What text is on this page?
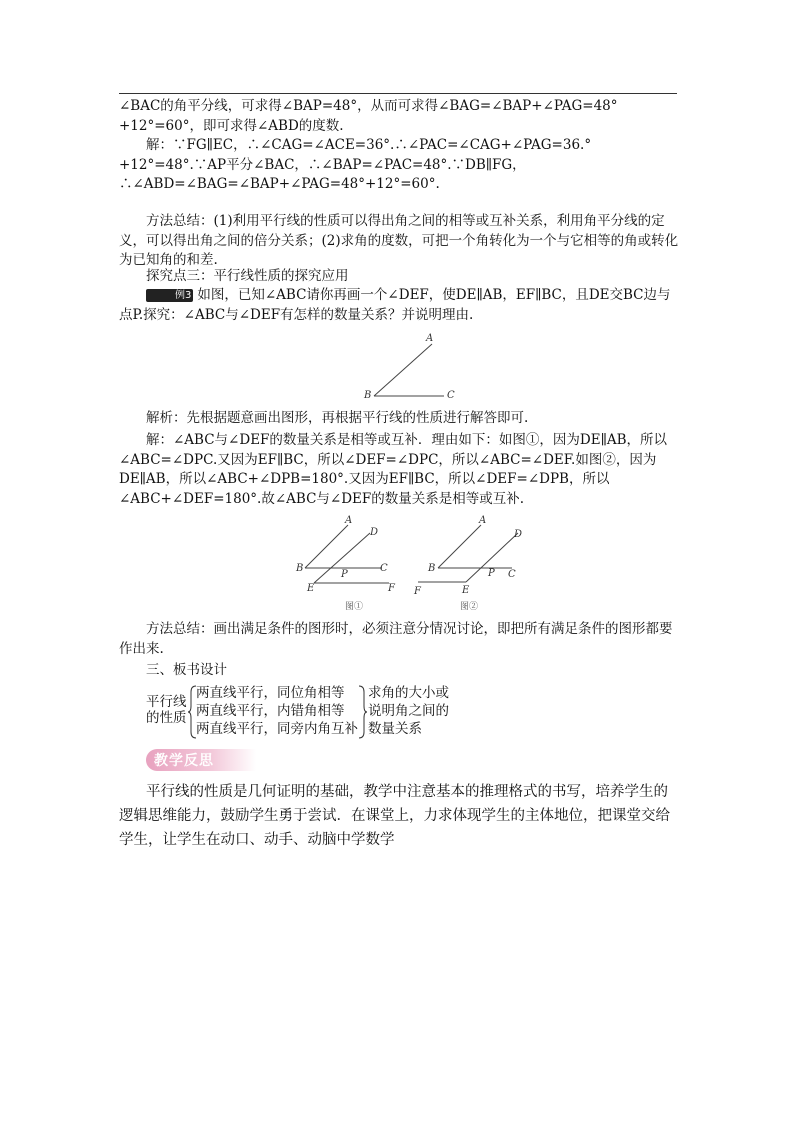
∠BAC的角平分线，可求得∠BAP=48°，从而可求得∠BAG=∠BAP+∠PAG=48°+12°=60°，即可求得∠ABD的度数.

解：∵FG∥EC，∴∠CAG=∠ACE=36°.∴∠PAC=∠CAG+∠PAG=36.°+12°=48°.∵AP平分∠BAC，∴∠BAP=∠PAC=48°.∵DB∥FG，∴∠ABD=∠BAG=∠BAP+∠PAG=48°+12°=60°.

方法总结：(1)利用平行线的性质可以得出角之间的相等或互补关系，利用角平分线的定义，可以得出角之间的倍分关系；(2)求角的度数，可把一个角转化为一个与它相等的角或转化为已知角的和差.

探究点三：平行线性质的探究应用

例3 如图，已知∠ABC请你再画一个∠DEF，使DE∥AB，EF∥BC，且DE交BC边与点P.探究：∠ABC与∠DEF有怎样的数量关系？并说明理由.

A
B	C

解析：先根据题意画出图形，再根据平行线的性质进行解答即可.

解：∠ABC与∠DEF的数量关系是相等或互补．理由如下：如图①，因为DE∥AB，所以∠ABC=∠DPC.又因为EF∥BC，所以∠DEF=∠DPC，所以∠ABC=∠DEF.如图②，因为DE∥AB，所以∠ABC+∠DPB=180°.又因为EF∥BC，所以∠DEF=∠DPB，所以∠ABC+∠DEF=180°.故∠ABC与∠DEF的数量关系是相等或互补.

A
D
B
P
C
E	F
图①
A
D
B	P C
F	E
图②

方法总结：画出满足条件的图形时，必须注意分情况讨论，即把所有满足条件的图形都要作出来.

三、板书设计

平行线
的性质
两直线平行，同位角相等
两直线平行，内错角相等
两直线平行，同旁内角互补
求角的大小或
说明角之间的
数量关系
教学反思

平行线的性质是几何证明的基础，教学中注意基本的推理格式的书写，培养学生的逻辑思维能力，鼓励学生勇于尝试．在课堂上，力求体现学生的主体地位，把课堂交给学生，让学生在动口、动手、动脑中学数学
